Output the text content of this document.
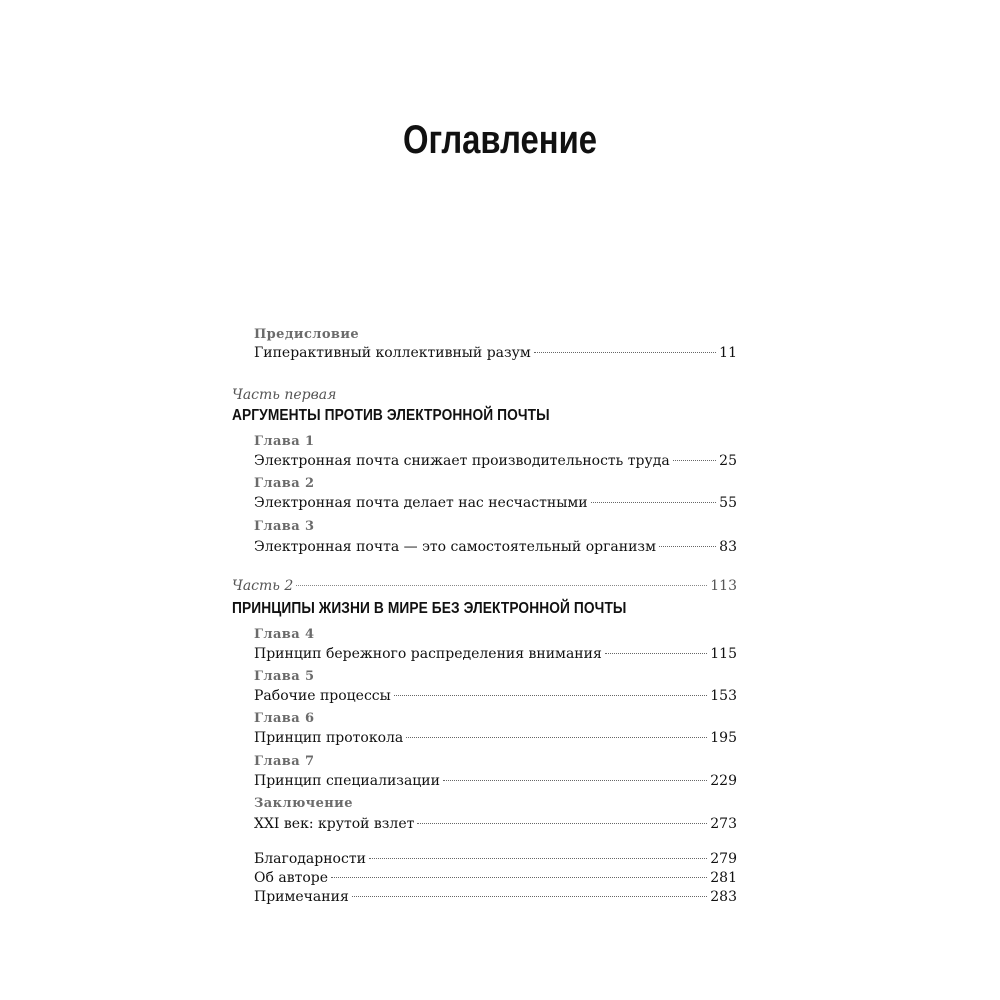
Оглавление
Предисловие
Гиперактивный коллективный разум	11
Часть первая
АРГУМЕНТЫ ПРОТИВ ЭЛЕКТРОННОЙ ПОЧТЫ
Глава 1
Электронная почта снижает производительность труда	25
Глава 2
Электронная почта делает нас несчастными	55
Глава 3
Электронная почта — это самостоятельный организм	83
Часть 2	113
ПРИНЦИПЫ ЖИЗНИ В МИРЕ БЕЗ ЭЛЕКТРОННОЙ ПОЧТЫ
Глава 4
Принцип бережного распределения внимания	115
Глава 5
Рабочие процессы	153
Глава 6
Принцип протокола	195
Глава 7
Принцип специализации	229
Заключение
XXI век: крутой взлет	273
Благодарности	279
Об авторе	281
Примечания	283
